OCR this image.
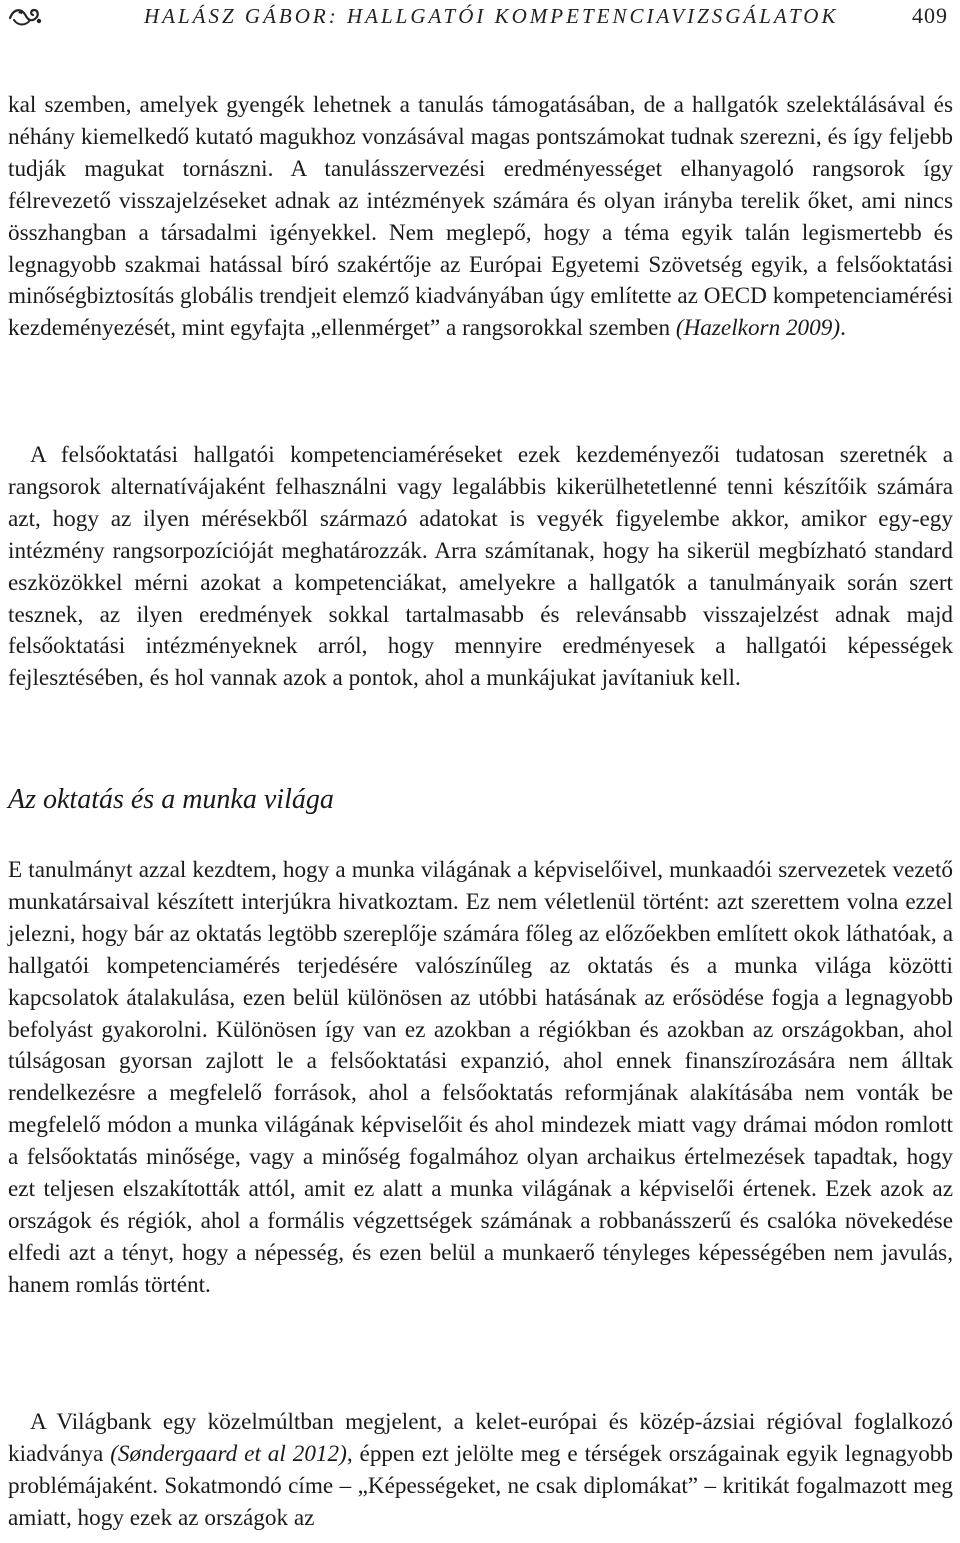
HALÁSZ GÁBOR: HALLGATÓI KOMPETENCIAVIZSGÁLATOK	409

kal szemben, amelyek gyengék lehetnek a tanulás támogatásában, de a hallgatók szelektálásával és néhány kiemelkedő kutató magukhoz vonzásával magas pontszámokat tudnak szerezni, és így feljebb tudják magukat tornászni. A tanulásszervezési eredményességet elhanyagoló rangsorok így félrevezető visszajelzéseket adnak az intézmények számára és olyan irányba terelik őket, ami nincs összhangban a társadalmi igényekkel. Nem meglepő, hogy a téma egyik talán legismertebb és legnagyobb szakmai hatással bíró szakértője az Európai Egyetemi Szövetség egyik, a felsőoktatási minőségbiztosítás globális trendjeit elemző kiadványában úgy említette az OECD kompetenciamérési kezdeményezését, mint egyfajta „ellenmérget” a rangsorokkal szemben (Hazelkorn 2009).

A felsőoktatási hallgatói kompetenciaméréseket ezek kezdeményezői tudatosan szeretnék a rangsorok alternatívájaként felhasználni vagy legalábbis kikerülhetetlenné tenni készítőik számára azt, hogy az ilyen mérésekből származó adatokat is vegyék figyelembe akkor, amikor egy-egy intézmény rangsorpozícióját meghatározzák. Arra számítanak, hogy ha sikerül megbízható standard eszközökkel mérni azokat a kompetenciákat, amelyekre a hallgatók a tanulmányaik során szert tesznek, az ilyen eredmények sokkal tartalmasabb és relevánsabb visszajelzést adnak majd felsőoktatási intézményeknek arról, hogy mennyire eredményesek a hallgatói képességek fejlesztésében, és hol vannak azok a pontok, ahol a munkájukat javítaniuk kell.

Az oktatás és a munka világa

E tanulmányt azzal kezdtem, hogy a munka világának a képviselőivel, munkaadói szervezetek vezető munkatársaival készített interjúkra hivatkoztam. Ez nem véletlenül történt: azt szerettem volna ezzel jelezni, hogy bár az oktatás legtöbb szereplője számára főleg az előzőekben említett okok láthatóak, a hallgatói kompetenciamérés terjedésére valószínűleg az oktatás és a munka világa közötti kapcsolatok átalakulása, ezen belül különösen az utóbbi hatásának az erősödése fogja a legnagyobb befolyást gyakorolni. Különösen így van ez azokban a régiókban és azokban az országokban, ahol túlságosan gyorsan zajlott le a felsőoktatási expanzió, ahol ennek finanszírozására nem álltak rendelkezésre a megfelelő források, ahol a felsőoktatás reformjának alakításába nem vonták be megfelelő módon a munka világának képviselőit és ahol mindezek miatt vagy drámai módon romlott a felsőoktatás minősége, vagy a minőség fogalmához olyan archaikus értelmezések tapadtak, hogy ezt teljesen elszakították attól, amit ez alatt a munka világának a képviselői értenek. Ezek azok az országok és régiók, ahol a formális végzettségek számának a robbanásszerű és csalóka növekedése elfedi azt a tényt, hogy a népesség, és ezen belül a munkaerő tényleges képességében nem javulás, hanem romlás történt.

A Világbank egy közelmúltban megjelent, a kelet-európai és közép-ázsiai régióval foglalkozó kiadványa (Søndergaard et al 2012), éppen ezt jelölte meg e térségek országainak egyik legnagyobb problémájaként. Sokatmondó címe – „Képességeket, ne csak diplomákat” – kritikát fogalmazott meg amiatt, hogy ezek az országok az
